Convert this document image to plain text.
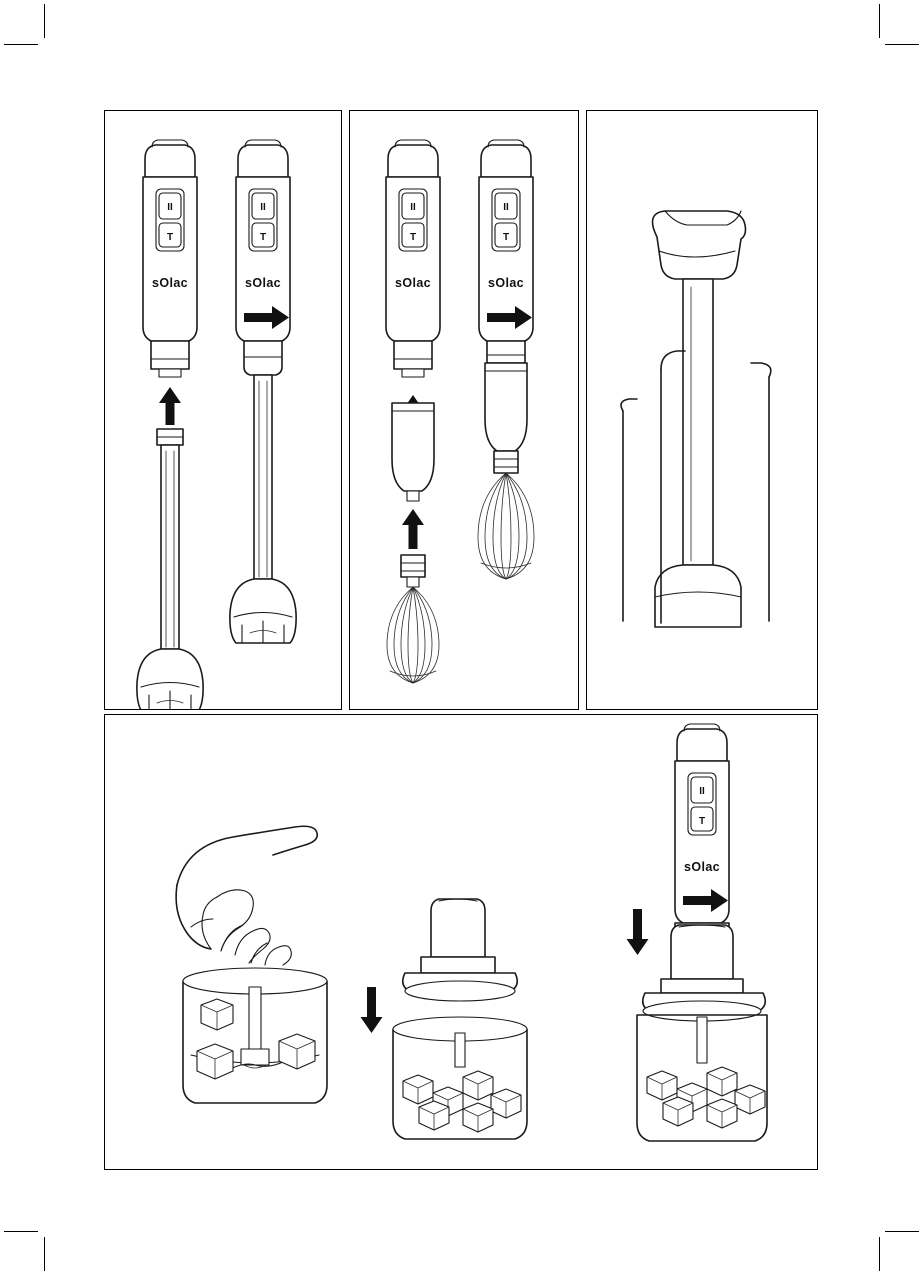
II
T
sOlac
II
T
sOlac
II
T
sOlac
II
T
sOlac
II
T
sOlac
